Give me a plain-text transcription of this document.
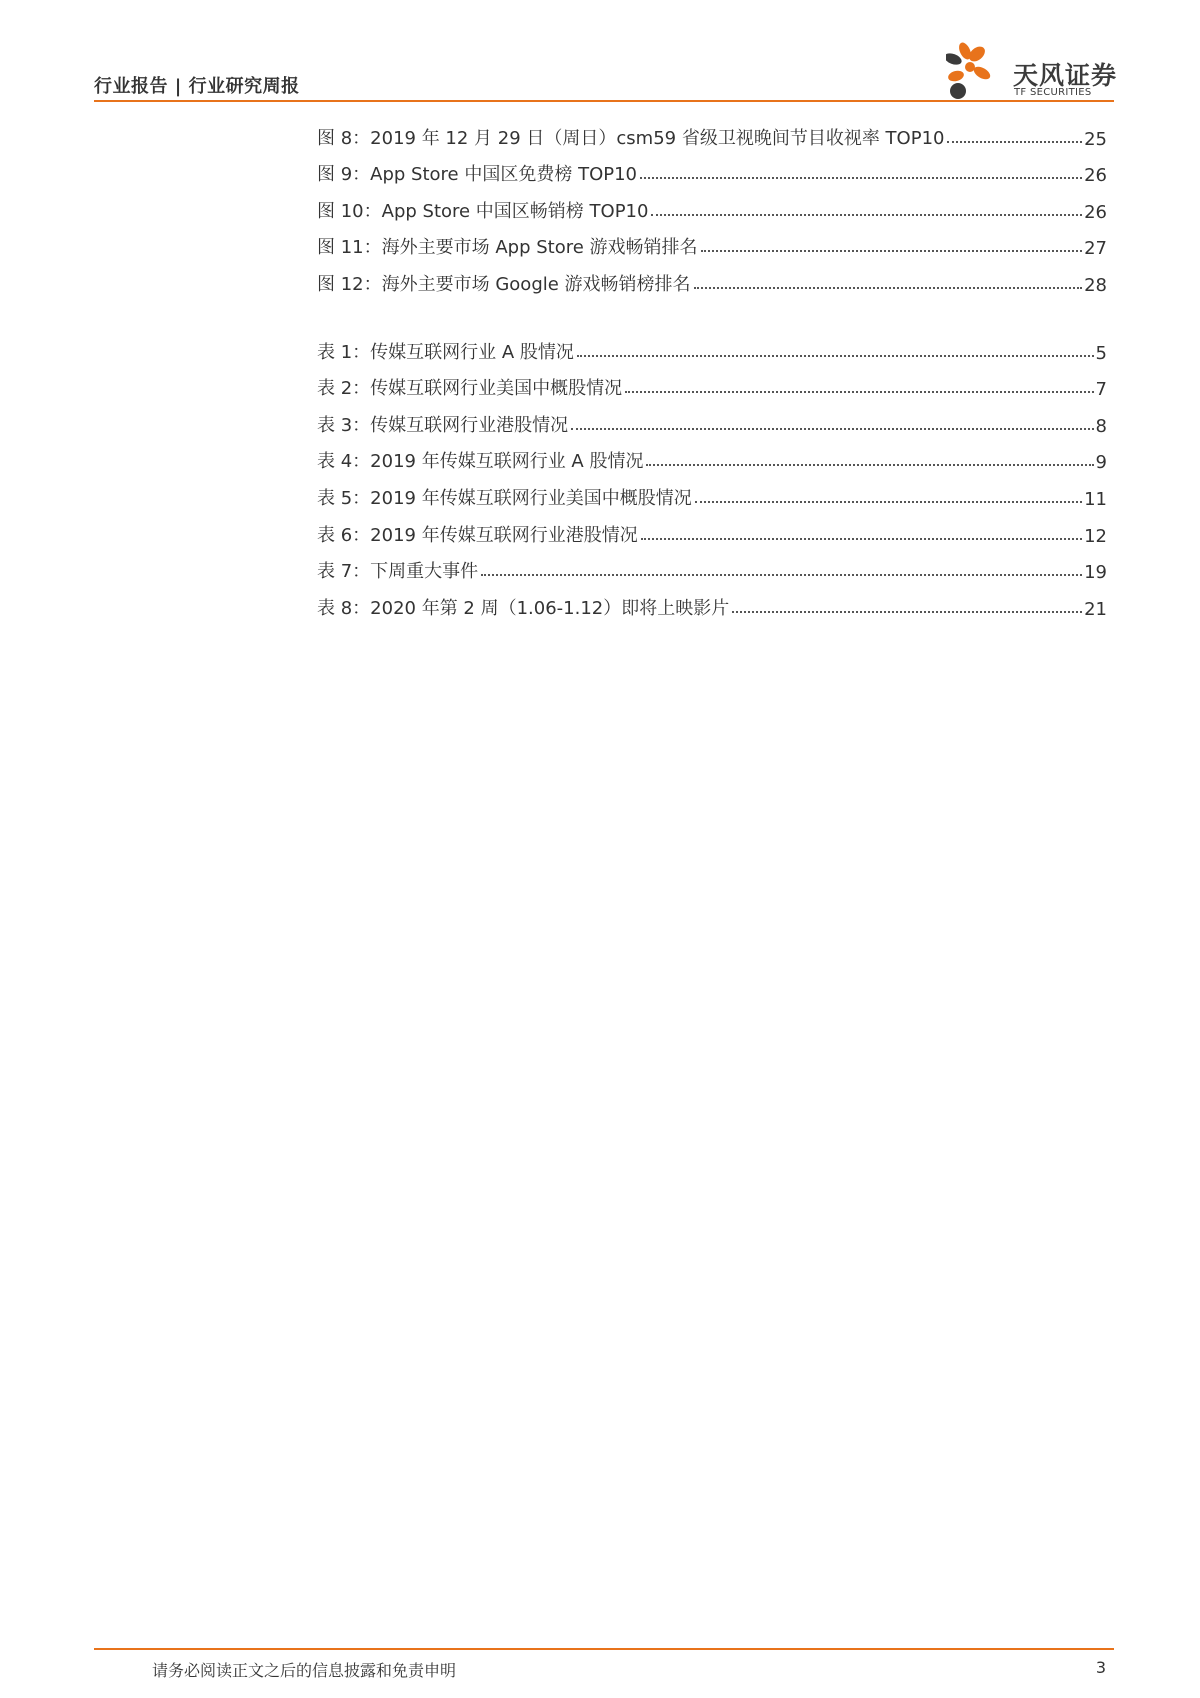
行业报告 | 行业研究周报	天风证券
TF SECURITIES
图 8：2019 年 12 月 29 日（周日）csm59 省级卫视晚间节目收视率 TOP10	25
图 9：App Store 中国区免费榜 TOP10	26
图 10：App Store 中国区畅销榜 TOP10	26
图 11：海外主要市场 App Store 游戏畅销排名	27
图 12：海外主要市场 Google 游戏畅销榜排名	28
表 1：传媒互联网行业 A 股情况	5
表 2：传媒互联网行业美国中概股情况	7
表 3：传媒互联网行业港股情况	8
表 4：2019 年传媒互联网行业 A 股情况	9
表 5：2019 年传媒互联网行业美国中概股情况	11
表 6：2019 年传媒互联网行业港股情况	12
表 7：下周重大事件	19
表 8：2020 年第 2 周（1.06-1.12）即将上映影片	21
请务必阅读正文之后的信息披露和免责申明	3
